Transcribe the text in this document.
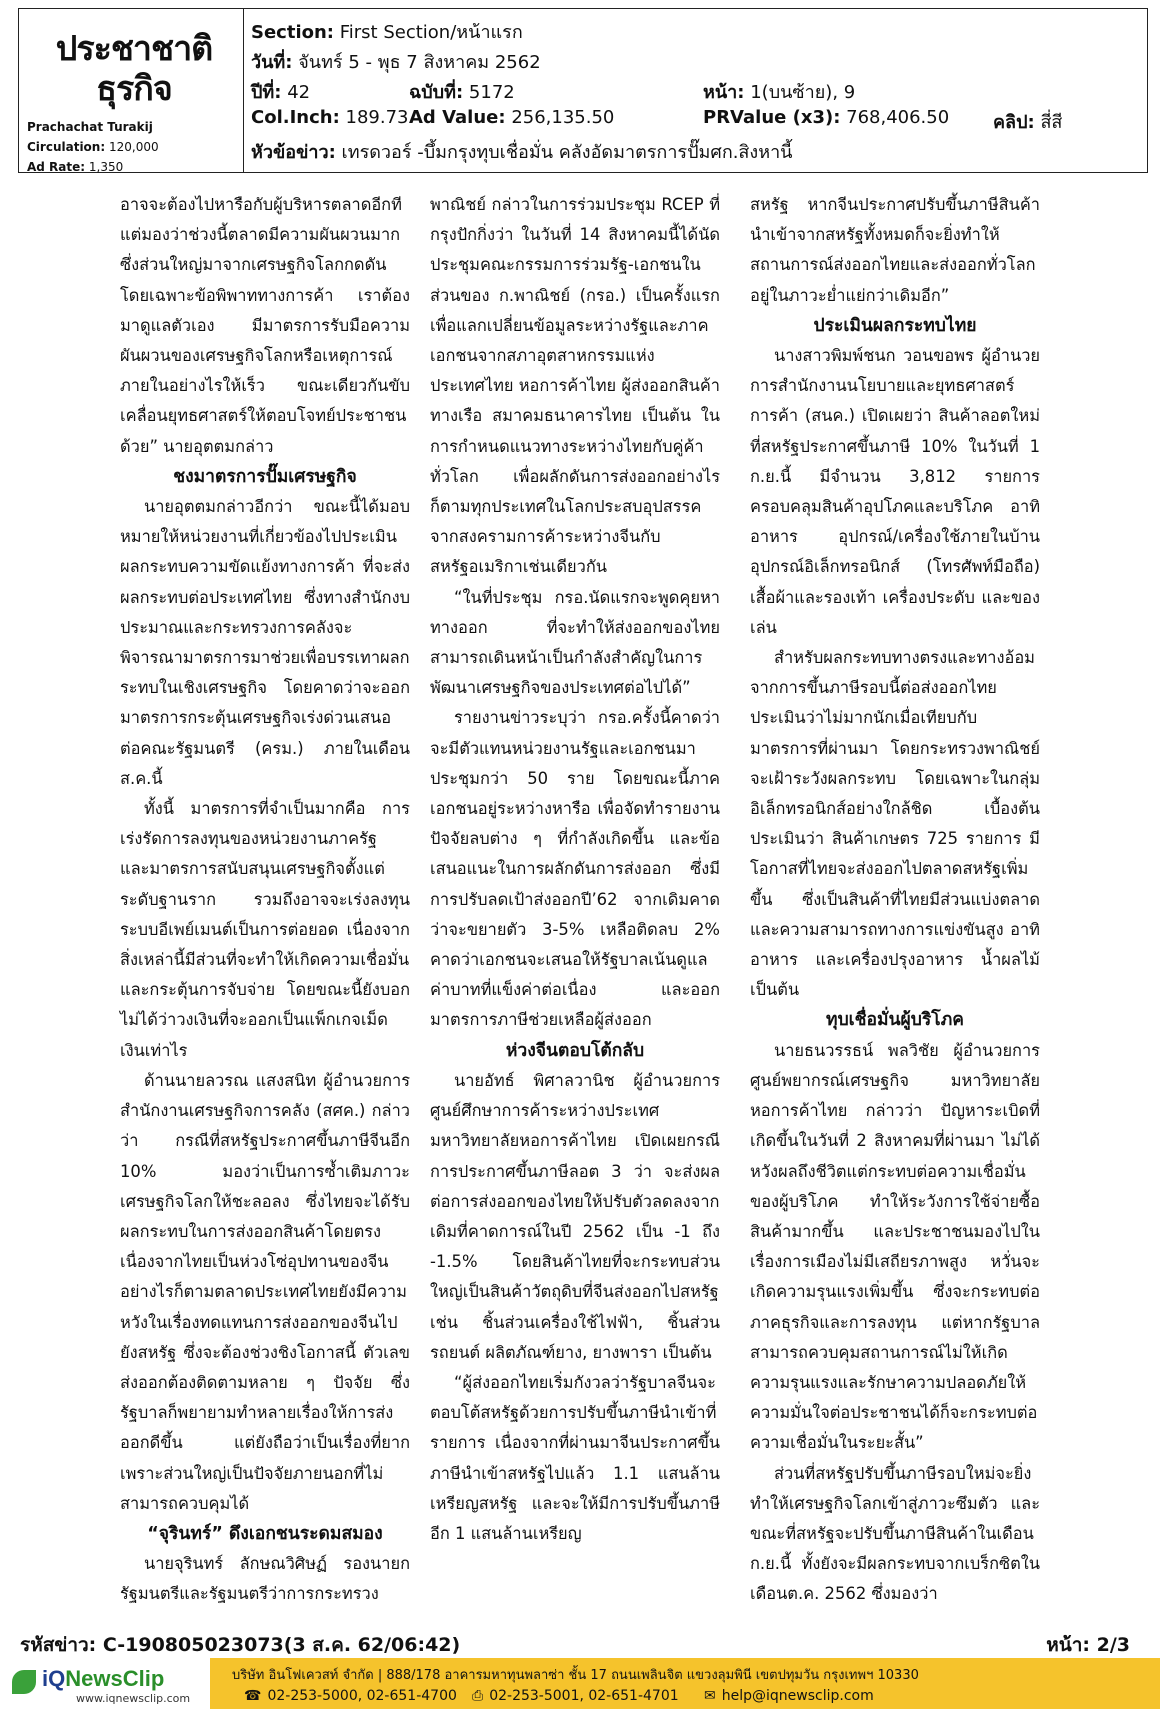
ประชาชาติ
ธุรกิจ
Prachachat Turakij
Circulation: 120,000
Ad Rate: 1,350
Section: First Section/หน้าแรก
วันที่: จันทร์ 5 - พุธ 7 สิงหาคม 2562
ปีที่: 42	ฉบับที่: 5172	หน้า: 1(บนซ้าย), 9
Col.Inch: 189.73 Ad Value: 256,135.50	PRValue (x3): 768,406.50 คลิป: สี่สี
หัวข้อข่าว: เทรดวอร์ -บึ้มกรุงทุบเชื่อมั่น คลังอัดมาตรการปั๊มศก.สิงหานี้

อาจจะต้องไปหารือกับผู้บริหารตลาดอีกที แต่มองว่าช่วงนี้ตลาดมีความผันผวนมาก ซึ่งส่วนใหญ่มาจากเศรษฐกิจโลกกดดัน โดยเฉพาะข้อพิพาททางการค้า เราต้องมาดูแลตัวเอง มีมาตรการรับมือความผันผวนของเศรษฐกิจโลกหรือเหตุการณ์ภายในอย่างไรให้เร็ว ขณะเดียวกันขับเคลื่อนยุทธศาสตร์ให้ตอบโจทย์ประชาชนด้วย” นายอุตตมกล่าว

ชงมาตรการปั๊มเศรษฐกิจ

นายอุตตมกล่าวอีกว่า ขณะนี้ได้มอบหมายให้หน่วยงานที่เกี่ยวข้องไปประเมินผลกระทบความขัดแย้งทางการค้า ที่จะส่งผลกระทบต่อประเทศไทย ซึ่งทางสำนักงบประมาณและกระทรวงการคลังจะพิจารณามาตรการมาช่วยเพื่อบรรเทาผลกระทบในเชิงเศรษฐกิจ โดยคาดว่าจะออกมาตรการกระตุ้นเศรษฐกิจเร่งด่วนเสนอต่อคณะรัฐมนตรี (ครม.) ภายในเดือน ส.ค.นี้

ทั้งนี้ มาตรการที่จำเป็นมากคือ การเร่งรัดการลงทุนของหน่วยงานภาครัฐ และมาตรการสนับสนุนเศรษฐกิจตั้งแต่ระดับฐานราก รวมถึงอาจจะเร่งลงทุนระบบอีเพย์เมนต์เป็นการต่อยอด เนื่องจากสิ่งเหล่านี้มีส่วนที่จะทำให้เกิดความเชื่อมั่น และกระตุ้นการจับจ่าย โดยขณะนี้ยังบอกไม่ได้ว่าวงเงินที่จะออกเป็นแพ็กเกจเม็ดเงินเท่าไร

ด้านนายลวรณ แสงสนิท ผู้อำนวยการสำนักงานเศรษฐกิจการคลัง (สศค.) กล่าวว่า กรณีที่สหรัฐประกาศขึ้นภาษีจีนอีก 10% มองว่าเป็นการซ้ำเติมภาวะเศรษฐกิจโลกให้ชะลอลง ซึ่งไทยจะได้รับผลกระทบในการส่งออกสินค้าโดยตรง เนื่องจากไทยเป็นห่วงโซ่อุปทานของจีน อย่างไรก็ตามตลาดประเทศไทยยังมีความหวังในเรื่องทดแทนการส่งออกของจีนไปยังสหรัฐ ซึ่งจะต้องช่วงชิงโอกาสนี้ ตัวเลขส่งออกต้องติดตามหลาย ๆ ปัจจัย ซึ่งรัฐบาลก็พยายามทำหลายเรื่องให้การส่งออกดีขึ้น แต่ยังถือว่าเป็นเรื่องที่ยาก เพราะส่วนใหญ่เป็นปัจจัยภายนอกที่ไม่สามารถควบคุมได้

“จุรินทร์” ดึงเอกชนระดมสมอง

นายจุรินทร์ ลักษณวิศิษฏ์ รองนายกรัฐมนตรีและรัฐมนตรีว่าการกระทรวง

พาณิชย์ กล่าวในการร่วมประชุม RCEP ที่กรุงปักกิ่งว่า ในวันที่ 14 สิงหาคมนี้ได้นัดประชุมคณะกรรมการร่วมรัฐ-เอกชนในส่วนของ ก.พาณิชย์ (กรอ.) เป็นครั้งแรก เพื่อแลกเปลี่ยนข้อมูลระหว่างรัฐและภาคเอกชนจากสภาอุตสาหกรรมแห่งประเทศไทย หอการค้าไทย ผู้ส่งออกสินค้าทางเรือ สมาคมธนาคารไทย เป็นต้น ในการกำหนดแนวทางระหว่างไทยกับคู่ค้าทั่วโลก เพื่อผลักดันการส่งออกอย่างไรก็ตามทุกประเทศในโลกประสบอุปสรรคจากสงครามการค้าระหว่างจีนกับสหรัฐอเมริกาเช่นเดียวกัน

“ในที่ประชุม กรอ.นัดแรกจะพูดคุยหาทางออก ที่จะทำให้ส่งออกของไทยสามารถเดินหน้าเป็นกำลังสำคัญในการพัฒนาเศรษฐกิจของประเทศต่อไปได้”

รายงานข่าวระบุว่า กรอ.ครั้งนี้คาดว่าจะมีตัวแทนหน่วยงานรัฐและเอกชนมาประชุมกว่า 50 ราย โดยขณะนี้ภาคเอกชนอยู่ระหว่างหารือ เพื่อจัดทำรายงานปัจจัยลบต่าง ๆ ที่กำลังเกิดขึ้น และข้อเสนอแนะในการผลักดันการส่งออก ซึ่งมีการปรับลดเป้าส่งออกปี’62 จากเดิมคาดว่าจะขยายตัว 3-5% เหลือติดลบ 2% คาดว่าเอกชนจะเสนอให้รัฐบาลเน้นดูแลค่าบาทที่แข็งค่าต่อเนื่อง และออกมาตรการภาษีช่วยเหลือผู้ส่งออก

ห่วงจีนตอบโต้กลับ

นายอัทธ์ พิศาลวานิช ผู้อำนวยการศูนย์ศึกษาการค้าระหว่างประเทศ มหาวิทยาลัยหอการค้าไทย เปิดเผยกรณีการประกาศขึ้นภาษีลอต 3 ว่า จะส่งผลต่อการส่งออกของไทยให้ปรับตัวลดลงจากเดิมที่คาดการณ์ในปี 2562 เป็น -1 ถึง -1.5% โดยสินค้าไทยที่จะกระทบส่วนใหญ่เป็นสินค้าวัตถุดิบที่จีนส่งออกไปสหรัฐ เช่น ชิ้นส่วนเครื่องใช้ไฟฟ้า, ชิ้นส่วนรถยนต์ ผลิตภัณฑ์ยาง, ยางพารา เป็นต้น

“ผู้ส่งออกไทยเริ่มกังวลว่ารัฐบาลจีนจะตอบโต้สหรัฐด้วยการปรับขึ้นภาษีนำเข้าที่รายการ เนื่องจากที่ผ่านมาจีนประกาศขึ้นภาษีนำเข้าสหรัฐไปแล้ว 1.1 แสนล้านเหรียญสหรัฐ และจะให้มีการปรับขึ้นภาษีอีก 1 แสนล้านเหรียญ

สหรัฐ หากจีนประกาศปรับขึ้นภาษีสินค้านำเข้าจากสหรัฐทั้งหมดก็จะยิ่งทำให้สถานการณ์ส่งออกไทยและส่งออกทั่วโลกอยู่ในภาวะย่ำแย่กว่าเดิมอีก”

ประเมินผลกระทบไทย

นางสาวพิมพ์ชนก วอนขอพร ผู้อำนวยการสำนักงานนโยบายและยุทธศาสตร์การค้า (สนค.) เปิดเผยว่า สินค้าลอตใหม่ที่สหรัฐประกาศขึ้นภาษี 10% ในวันที่ 1 ก.ย.นี้ มีจำนวน 3,812 รายการ ครอบคลุมสินค้าอุปโภคและบริโภค อาทิ อาหาร อุปกรณ์/เครื่องใช้ภายในบ้าน อุปกรณ์อิเล็กทรอนิกส์ (โทรศัพท์มือถือ) เสื้อผ้าและรองเท้า เครื่องประดับ และของเล่น

สำหรับผลกระทบทางตรงและทางอ้อมจากการขึ้นภาษีรอบนี้ต่อส่งออกไทย ประเมินว่าไม่มากนักเมื่อเทียบกับมาตรการที่ผ่านมา โดยกระทรวงพาณิชย์จะเฝ้าระวังผลกระทบ โดยเฉพาะในกลุ่มอิเล็กทรอนิกส์อย่างใกล้ชิด เบื้องต้นประเมินว่า สินค้าเกษตร 725 รายการ มีโอกาสที่ไทยจะส่งออกไปตลาดสหรัฐเพิ่มขึ้น ซึ่งเป็นสินค้าที่ไทยมีส่วนแบ่งตลาดและความสามารถทางการแข่งขันสูง อาทิ อาหาร และเครื่องปรุงอาหาร น้ำผลไม้ เป็นต้น

ทุบเชื่อมั่นผู้บริโภค

นายธนวรรธน์ พลวิชัย ผู้อำนวยการศูนย์พยากรณ์เศรษฐกิจ มหาวิทยาลัยหอการค้าไทย กล่าวว่า ปัญหาระเบิดที่เกิดขึ้นในวันที่ 2 สิงหาคมที่ผ่านมา ไม่ได้หวังผลถึงชีวิตแต่กระทบต่อความเชื่อมั่นของผู้บริโภค ทำให้ระวังการใช้จ่ายซื้อสินค้ามากขึ้น และประชาชนมองไปในเรื่องการเมืองไม่มีเสถียรภาพสูง หวั่นจะเกิดความรุนแรงเพิ่มขึ้น ซึ่งจะกระทบต่อภาคธุรกิจและการลงทุน แต่หากรัฐบาลสามารถควบคุมสถานการณ์ไม่ให้เกิดความรุนแรงและรักษาความปลอดภัยให้ความมั่นใจต่อประชาชนได้ก็จะกระทบต่อความเชื่อมั่นในระยะสั้น”

ส่วนที่สหรัฐปรับขึ้นภาษีรอบใหม่จะยิ่งทำให้เศรษฐกิจโลกเข้าสู่ภาวะซึมตัว และขณะที่สหรัฐจะปรับขึ้นภาษีสินค้าในเดือนก.ย.นี้ ทั้งยังจะมีผลกระทบจากเบร็กซิตในเดือนต.ค. 2562 ซึ่งมองว่า

รหัสข่าว: C-190805023073(3 ส.ค. 62/06:42)	หน้า: 2/3
iQNewsClip
www.iqnewsclip.com
บริษัท อินโฟเควสท์ จำกัด | 888/178 อาคารมหาทุนพลาซ่า ชั้น 17 ถนนเพลินจิต แขวงลุมพินี เขตปทุมวัน กรุงเทพฯ 10330
☎ 02-253-5000, 02-651-4700 ⎙ 02-253-5001, 02-651-4701 ✉ help@iqnewsclip.com
